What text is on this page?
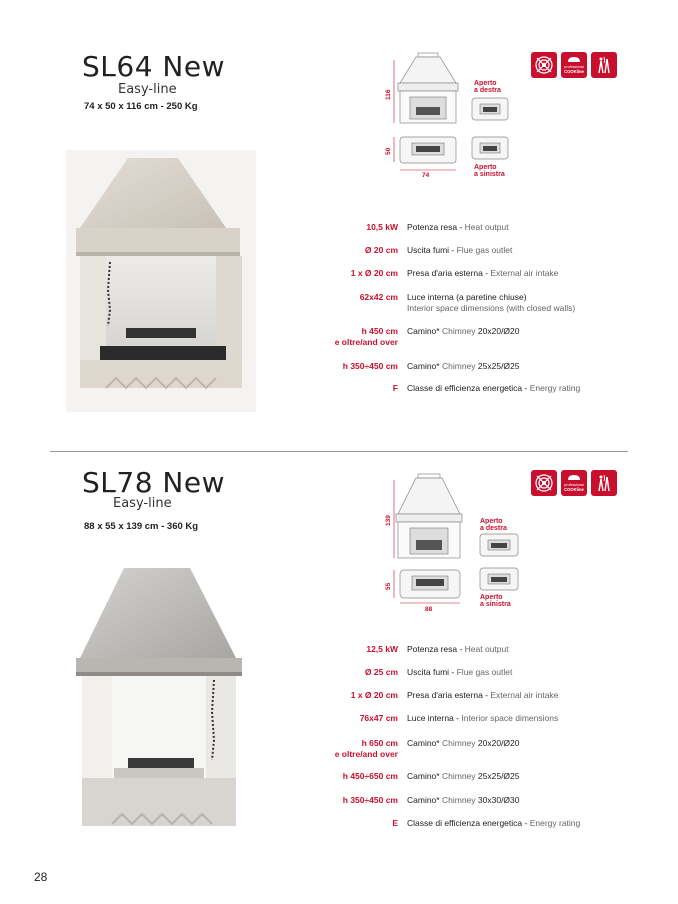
SL64 New
Easy-line
74 x 50 x 116 cm - 250 Kg
116
50
74
Aperto
a destra
Aperto
a sinistra
professional
COOKline
10,5 kW Potenza resa - Heat output
Ø 20 cm Uscita fumi - Flue gas outlet
1 x Ø 20 cm Presa d'aria esterna - External air intake
62x42 cm Luce interna (a paretine chiuse)
Interior space dimensions (with closed walls)
h 450 cm
e oltre/and over
Camino* Chimney 20x20/Ø20
h 350÷450 cm Camino* Chimney 25x25/Ø25
F Classe di efficienza energetica - Energy rating
SL78 New
Easy-line
88 x 55 x 139 cm - 360 Kg
139
55
88
Aperto
a destra
Aperto
a sinistra
professional
COOKline
12,5 kW Potenza resa - Heat output
Ø 25 cm Uscita fumi - Flue gas outlet
1 x Ø 20 cm Presa d'aria esterna - External air intake
76x47 cm Luce interna - Interior space dimensions
h 650 cm
e oltre/and over
Camino* Chimney 20x20/Ø20
h 450÷650 cm Camino* Chimney 25x25/Ø25
h 350÷450 cm Camino* Chimney 30x30/Ø30
E Classe di efficienza energetica - Energy rating
28
